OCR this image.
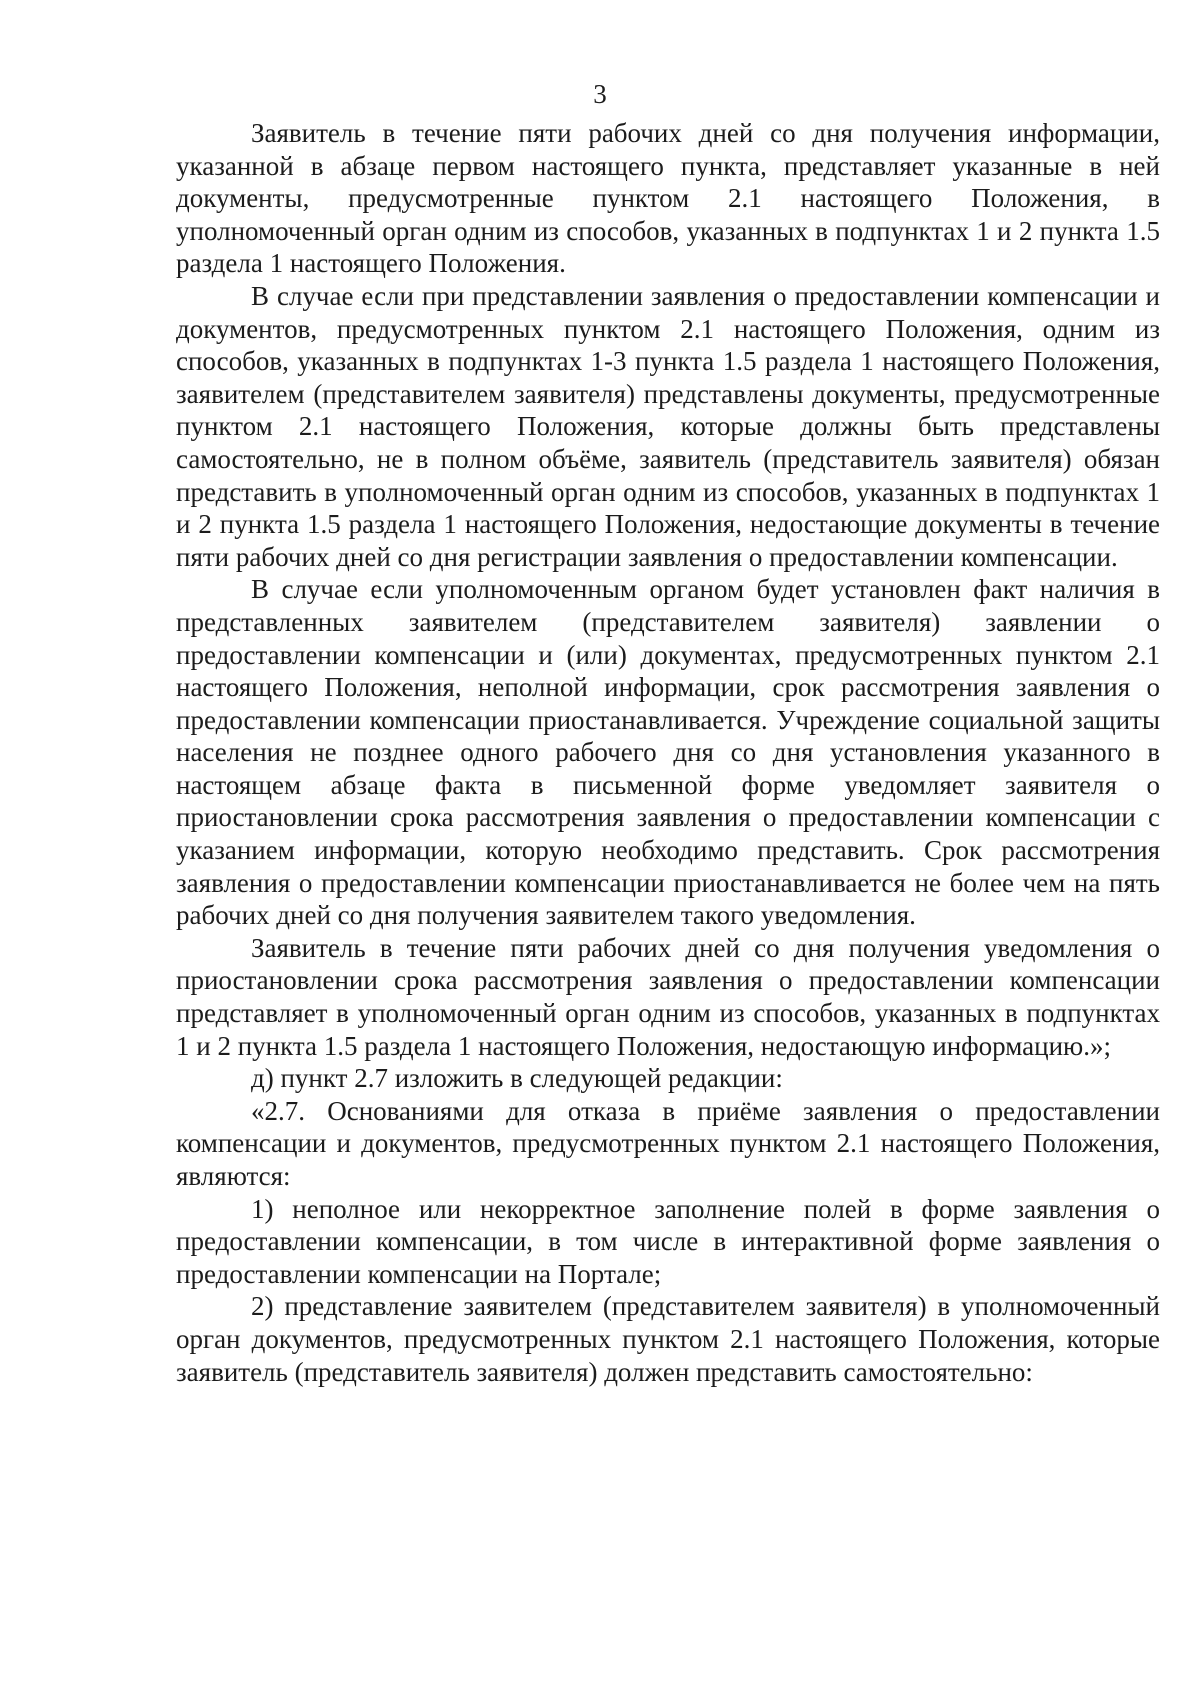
3

Заявитель в течение пяти рабочих дней со дня получения информации, указанной в абзаце первом настоящего пункта, представляет указанные в ней документы, предусмотренные пунктом 2.1 настоящего Положения, в уполномоченный орган одним из способов, указанных в подпунктах 1 и 2 пункта 1.5 раздела 1 настоящего Положения.

В случае если при представлении заявления о предоставлении компенсации и документов, предусмотренных пунктом 2.1 настоящего Положения, одним из способов, указанных в подпунктах 1-3 пункта 1.5 раздела 1 настоящего Положения, заявителем (представителем заявителя) представлены документы, предусмотренные пунктом 2.1 настоящего Положения, которые должны быть представлены самостоятельно, не в полном объёме, заявитель (представитель заявителя) обязан представить в уполномоченный орган одним из способов, указанных в подпунктах 1 и 2 пункта 1.5 раздела 1 настоящего Положения, недостающие документы в течение пяти рабочих дней со дня регистрации заявления о предоставлении компенсации.

В случае если уполномоченным органом будет установлен факт наличия в представленных заявителем (представителем заявителя) заявлении о предоставлении компенсации и (или) документах, предусмотренных пунктом 2.1 настоящего Положения, неполной информации, срок рассмотрения заявления о предоставлении компенсации приостанавливается. Учреждение социальной защиты населения не позднее одного рабочего дня со дня установления указанного в настоящем абзаце факта в письменной форме уведомляет заявителя о приостановлении срока рассмотрения заявления о предоставлении компенсации с указанием информации, которую необходимо представить. Срок рассмотрения заявления о предоставлении компенсации приостанавливается не более чем на пять рабочих дней со дня получения заявителем такого уведомления.

Заявитель в течение пяти рабочих дней со дня получения уведомления о приостановлении срока рассмотрения заявления о предоставлении компенсации представляет в уполномоченный орган одним из способов, указанных в подпунктах 1 и 2 пункта 1.5 раздела 1 настоящего Положения, недостающую информацию.»;

д) пункт 2.7 изложить в следующей редакции:

«2.7. Основаниями для отказа в приёме заявления о предоставлении компенсации и документов, предусмотренных пунктом 2.1 настоящего Положения, являются:

1) неполное или некорректное заполнение полей в форме заявления о предоставлении компенсации, в том числе в интерактивной форме заявления о предоставлении компенсации на Портале;

2) представление заявителем (представителем заявителя) в уполномоченный орган документов, предусмотренных пунктом 2.1 настоящего Положения, которые заявитель (представитель заявителя) должен представить самостоятельно:
